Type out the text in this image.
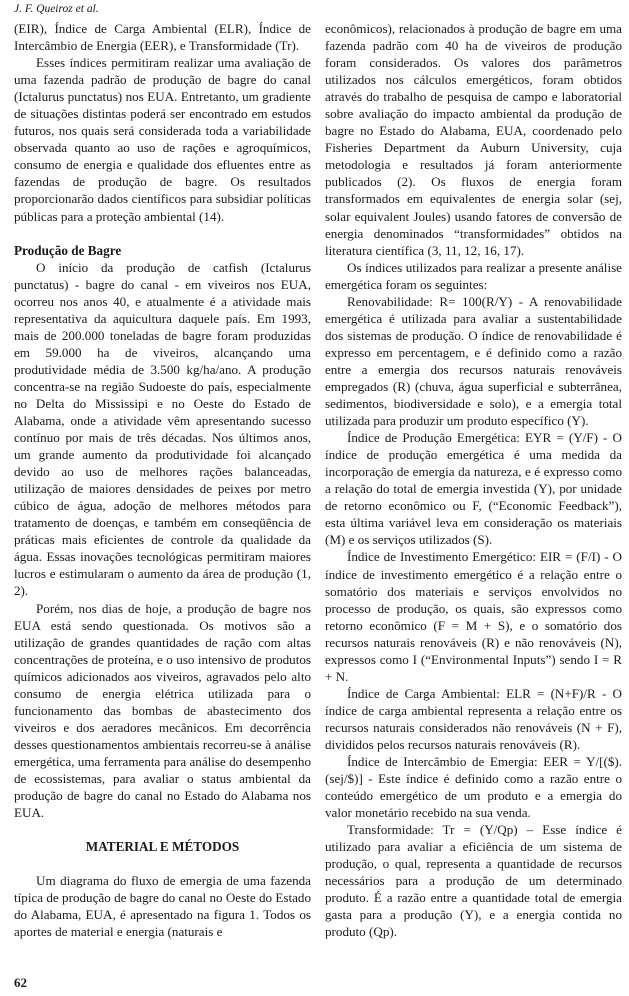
J. F. Queiroz et al.

(EIR), Índice de Carga Ambiental (ELR), Índice de Intercâmbio de Energia (EER), e Transformidade (Tr).

Esses índices permitiram realizar uma avaliação de uma fazenda padrão de produção de bagre do canal (Ictalurus punctatus) nos EUA. Entretanto, um gradiente de situações distintas poderá ser encontrado em estudos futuros, nos quais será considerada toda a variabilidade observada quanto ao uso de rações e agroquímicos, consumo de energia e qualidade dos efluentes entre as fazendas de produção de bagre. Os resultados proporcionarão dados científicos para subsidiar políticas públicas para a proteção ambiental (14).

Produção de Bagre

O início da produção de catfish (Ictalurus punctatus) - bagre do canal - em viveiros nos EUA, ocorreu nos anos 40, e atualmente é a atividade mais representativa da aquicultura daquele país. Em 1993, mais de 200.000 toneladas de bagre foram produzidas em 59.000 ha de viveiros, alcançando uma produtividade média de 3.500 kg/ha/ano. A produção concentra-se na região Sudoeste do país, especialmente no Delta do Mississipi e no Oeste do Estado de Alabama, onde a atividade vêm apresentando sucesso contínuo por mais de três décadas. Nos últimos anos, um grande aumento da produtividade foi alcançado devido ao uso de melhores rações balanceadas, utilização de maiores densidades de peixes por metro cúbico de água, adoção de melhores métodos para tratamento de doenças, e também em conseqüência de práticas mais eficientes de controle da qualidade da água. Essas inovações tecnológicas permitiram maiores lucros e estimularam o aumento da área de produção (1, 2).

Porém, nos dias de hoje, a produção de bagre nos EUA está sendo questionada. Os motivos são a utilização de grandes quantidades de ração com altas concentrações de proteína, e o uso intensivo de produtos químicos adicionados aos viveiros, agravados pelo alto consumo de energia elétrica utilizada para o funcionamento das bombas de abastecimento dos viveiros e dos aeradores mecânicos. Em decorrência desses questionamentos ambientais recorreu-se à análise emergética, uma ferramenta para análise do desempenho de ecossistemas, para avaliar o status ambiental da produção de bagre do canal no Estado do Alabama nos EUA.

MATERIAL E MÉTODOS

Um diagrama do fluxo de emergia de uma fazenda típica de produção de bagre do canal no Oeste do Estado do Alabama, EUA, é apresentado na figura 1. Todos os aportes de material e energia (naturais e

econômicos), relacionados à produção de bagre em uma fazenda padrão com 40 ha de viveiros de produção foram considerados. Os valores dos parâmetros utilizados nos cálculos emergéticos, foram obtidos através do trabalho de pesquisa de campo e laboratorial sobre avaliação do impacto ambiental da produção de bagre no Estado do Alabama, EUA, coordenado pelo Fisheries Department da Auburn University, cuja metodologia e resultados já foram anteriormente publicados (2). Os fluxos de energia foram transformados em equivalentes de energia solar (sej, solar equivalent Joules) usando fatores de conversão de energia denominados “transformidades” obtidos na literatura científica (3, 11, 12, 16, 17).

Os índices utilizados para realizar a presente análise emergética foram os seguintes:

Renovabilidade: R= 100(R/Y) - A renovabilidade emergética é utilizada para avaliar a sustentabilidade dos sistemas de produção. O índice de renovabilidade é expresso em percentagem, e é definido como a razão entre a emergia dos recursos naturais renováveis empregados (R) (chuva, água superficial e subterrânea, sedimentos, biodiversidade e solo), e a emergia total utilizada para produzir um produto específico (Y).

Índice de Produção Emergética: EYR = (Y/F) - O índice de produção emergética é uma medida da incorporação de emergia da natureza, e é expresso como a relação do total de emergia investida (Y), por unidade de retorno econômico ou F, (“Economic Feedback”), esta última variável leva em consideração os materiais (M) e os serviços utilizados (S).

Índice de Investimento Emergético: EIR = (F/I) - O índice de investimento emergético é a relação entre o somatório dos materiais e serviços envolvidos no processo de produção, os quais, são expressos como retorno econômico (F = M + S), e o somatório dos recursos naturais renováveis (R) e não renováveis (N), expressos como I (“Environmental Inputs”) sendo I = R + N.

Índice de Carga Ambiental: ELR = (N+F)/R - O índice de carga ambiental representa a relação entre os recursos naturais considerados não renováveis (N + F), divididos pelos recursos naturais renováveis (R).

Índice de Intercâmbio de Emergia: EER = Y/[($).(sej/$)] - Este índice é definido como a razão entre o conteúdo emergético de um produto e a emergia do valor monetário recebido na sua venda.

Transformidade: Tr = (Y/Qp) – Esse índice é utilizado para avaliar a eficiência de um sistema de produção, o qual, representa a quantidade de recursos necessários para a produção de um determinado produto. É a razão entre a quantidade total de emergia gasta para a produção (Y), e a energia contida no produto (Qp).

62
